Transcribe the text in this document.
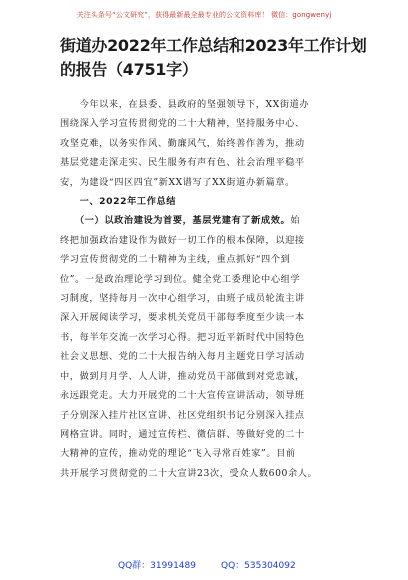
关注头条号“公文研究”，获得最新最全最专业的公文资料库！ 微信：gongwenyj
街道办2022年工作总结和2023年工作计划
的报告（4751字）
　　今年以来，在县委、县政府的坚强领导下，XX街道办
围绕深入学习宣传贯彻党的二十大精神，坚持服务中心、
攻坚克难，以务实作风、勤廉风气，始终善作善为，推动
基层党建走深走实、民生服务有声有色、社会治理平稳平
安，为建设“四区四宜”新XX谱写了XX街道办新篇章。
　　一、2022年工作总结
　　（一）以政治建设为首要，基层党建有了新成效。始
终把加强政治建设作为做好一切工作的根本保障，以迎接
学习宣传贯彻党的二十精神为主线，重点抓好“四个到
位”。一是政治理论学习到位。健全党工委理论中心组学
习制度，坚持每月一次中心组学习，由班子成员轮流主讲
深入开展阅读学习，要求机关党员干部每季度至少读一本
书，每半年交流一次学习心得。把习近平新时代中国特色
社会义思想、党的二十大报告纳入每月主题党日学习活动
中，做到月月学、人人讲，推动党员干部做到对党忠诚，
永远跟党走。大力开展党的二十大宣传宣讲活动，领导班
子分别深入挂片社区宣讲、社区党组织书记分别深入挂点
网格宣讲。同时，通过宣传栏、微信群、等做好党的二十
大精神的宣传，推动党的理论“飞入寻常百姓家”。目前
共开展学习贯彻党的二十大宣讲23次，受众人数600余人。
QQ群：31991489	QQ：535304092
